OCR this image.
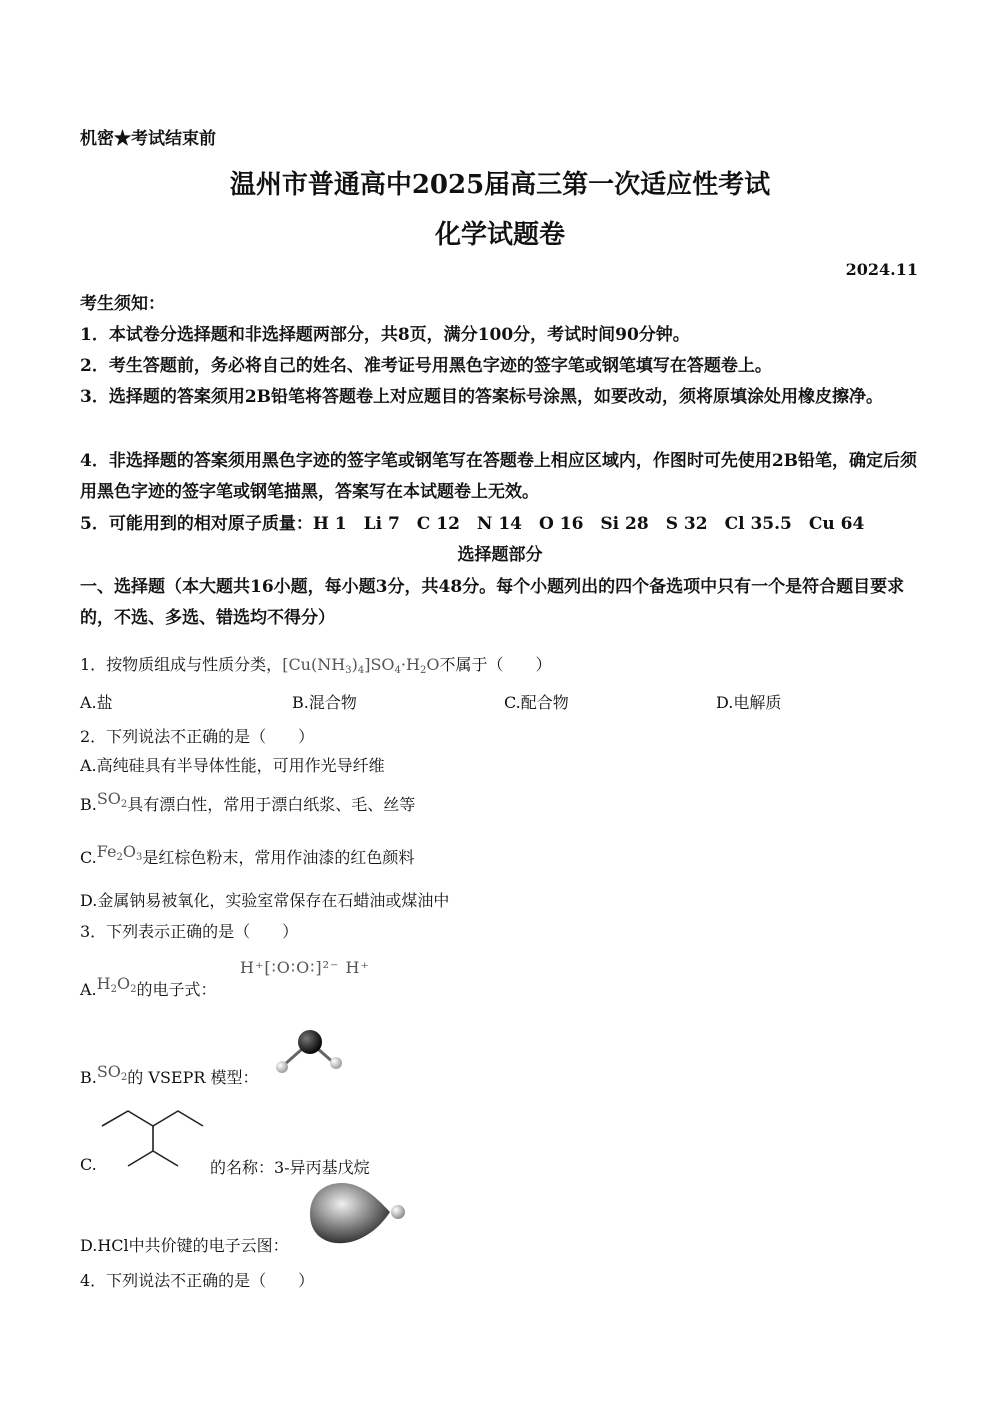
机密★考试结束前
温州市普通高中2025届高三第一次适应性考试
化学试题卷
2024.11
考生须知：
1．本试卷分选择题和非选择题两部分，共8页，满分100分，考试时间90分钟。
2．考生答题前，务必将自己的姓名、准考证号用黑色字迹的签字笔或钢笔填写在答题卷上。
3．选择题的答案须用2B铅笔将答题卷上对应题目的答案标号涂黑，如要改动，须将原填涂处用橡皮擦净。
4．非选择题的答案须用黑色字迹的签字笔或钢笔写在答题卷上相应区域内，作图时可先使用2B铅笔，确定后须用黑色字迹的签字笔或钢笔描黑，答案写在本试题卷上无效。
5．可能用到的相对原子质量：H 1　Li 7　C 12　N 14　O 16　Si 28　S 32　Cl 35.5　Cu 64
选择题部分
一、选择题（本大题共16小题，每小题3分，共48分。每个小题列出的四个备选项中只有一个是符合题目要求的，不选、多选、错选均不得分）
1．按物质组成与性质分类，$[Cu(NH_3)_4]SO_4\cdot H_2O$不属于（　　）
A.盐	B.混合物	C.配合物	D.电解质
2．下列说法不正确的是（　　）
A.高纯硅具有半导体性能，可用作光导纤维
$B.SO_2$具有漂白性，常用于漂白纸浆、毛、丝等
$C.Fe_2O_3$是红棕色粉末，常用作油漆的红色颜料
D.金属钠易被氧化，实验室常保存在石蜡油或煤油中
3．下列表示正确的是（　　）
$A.H_2O_2$的电子式：
H⁺[∶O∶O∶]²⁻ H⁺
$B.SO_2$的 VSEPR 模型：
C.	的名称：3-异丙基戊烷
D.HCl中共价键的电子云图：
4．下列说法不正确的是（　　）
